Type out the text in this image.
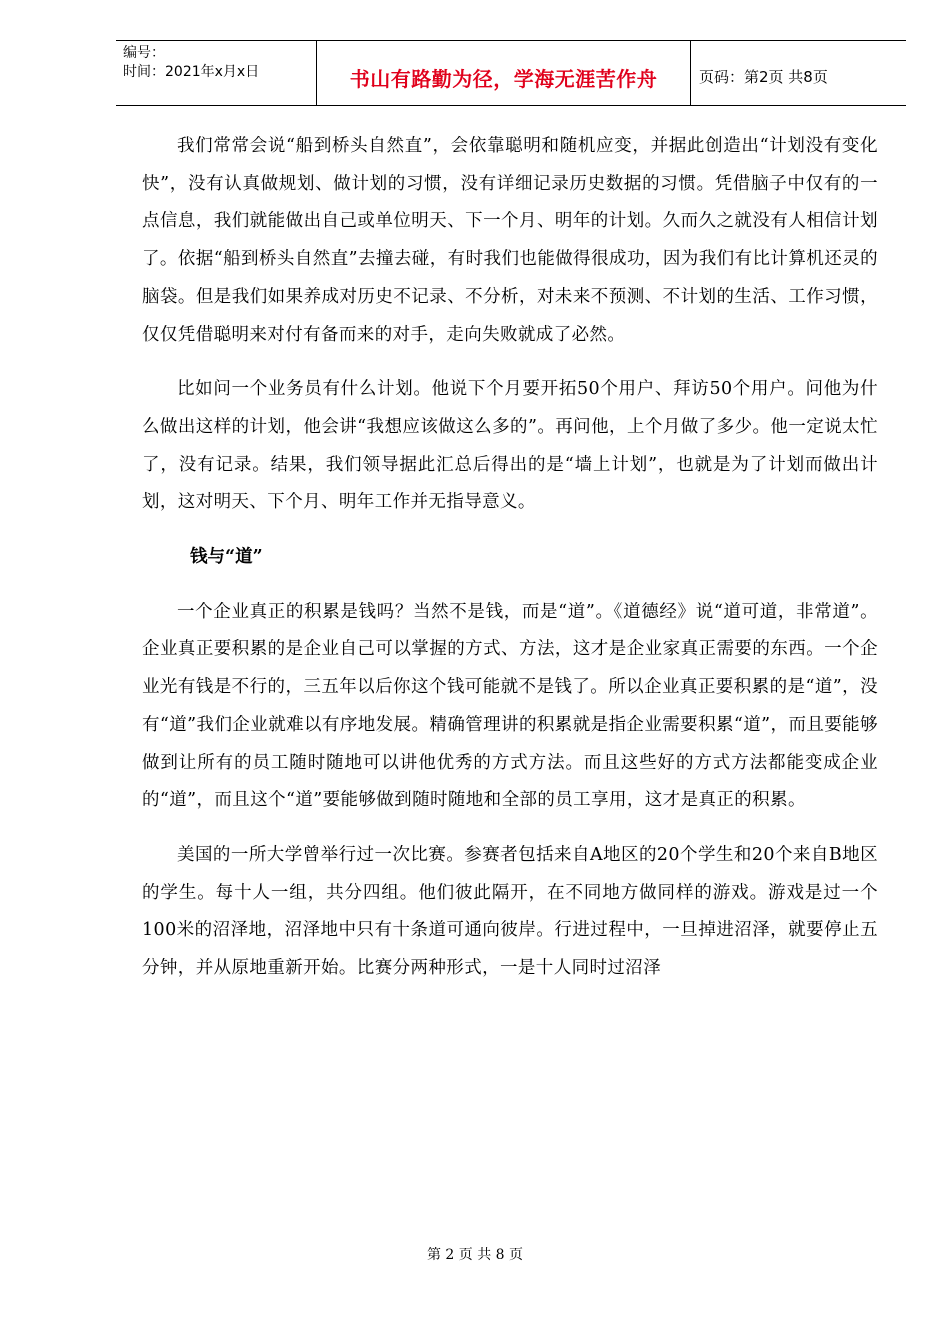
编号：
时间：2021年x月x日	书山有路勤为径，学海无涯苦作舟	页码：第2页 共8页

我们常常会说“船到桥头自然直”，会依靠聪明和随机应变，并据此创造出“计划没有变化快”，没有认真做规划、做计划的习惯，没有详细记录历史数据的习惯。凭借脑子中仅有的一点信息，我们就能做出自己或单位明天、下一个月、明年的计划。久而久之就没有人相信计划了。依据“船到桥头自然直”去撞去碰，有时我们也能做得很成功，因为我们有比计算机还灵的脑袋。但是我们如果养成对历史不记录、不分析，对未来不预测、不计划的生活、工作习惯，仅仅凭借聪明来对付有备而来的对手，走向失败就成了必然。

比如问一个业务员有什么计划。他说下个月要开拓50个用户、拜访50个用户。问他为什么做出这样的计划，他会讲“我想应该做这么多的”。再问他，上个月做了多少。他一定说太忙了，没有记录。结果，我们领导据此汇总后得出的是“墙上计划”，也就是为了计划而做出计划，这对明天、下个月、明年工作并无指导意义。

钱与“道”

一个企业真正的积累是钱吗？当然不是钱，而是“道”。《道德经》说“道可道，非常道”。企业真正要积累的是企业自己可以掌握的方式、方法，这才是企业家真正需要的东西。一个企业光有钱是不行的，三五年以后你这个钱可能就不是钱了。所以企业真正要积累的是“道”，没有“道”我们企业就难以有序地发展。精确管理讲的积累就是指企业需要积累“道”，而且要能够做到让所有的员工随时随地可以讲他优秀的方式方法。而且这些好的方式方法都能变成企业的“道”，而且这个“道”要能够做到随时随地和全部的员工享用，这才是真正的积累。

美国的一所大学曾举行过一次比赛。参赛者包括来自A地区的20个学生和20个来自B地区的学生。每十人一组，共分四组。他们彼此隔开，在不同地方做同样的游戏。游戏是过一个100米的沼泽地，沼泽地中只有十条道可通向彼岸。行进过程中，一旦掉进沼泽，就要停止五分钟，并从原地重新开始。比赛分两种形式，一是十人同时过沼泽

第 2 页 共 8 页
